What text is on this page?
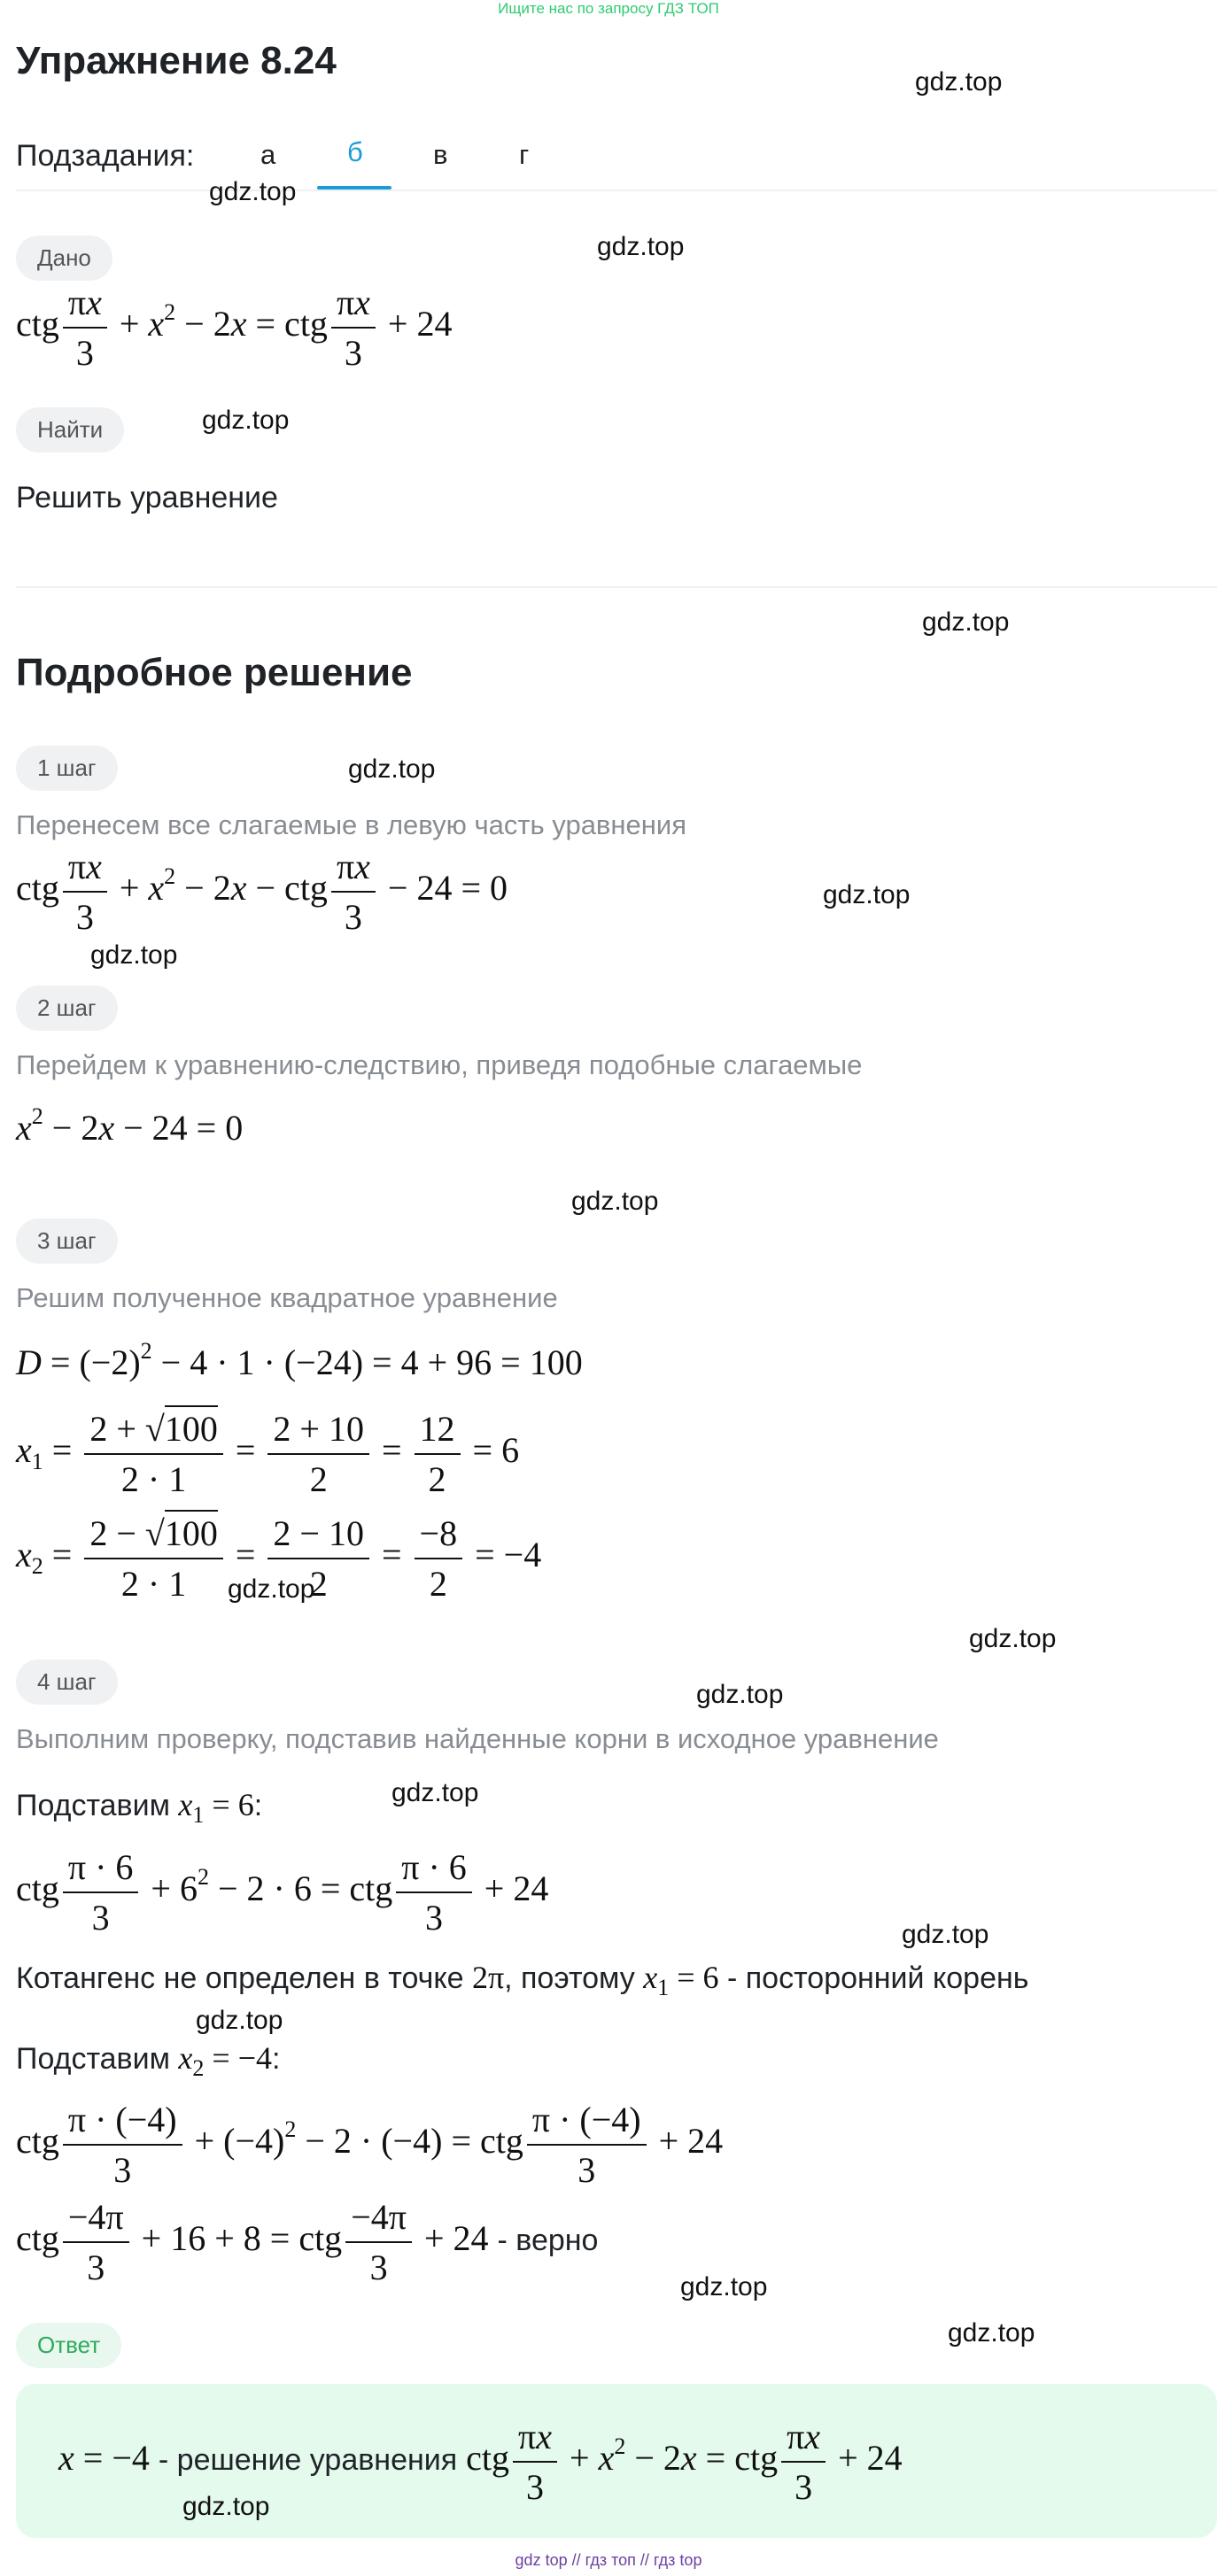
Ищите нас по запросу ГДЗ ТОП
Упражнение 8.24
Подзадания: а	б	в	г
Дано
ctg $\frac{\pi x}{3} + x^2 - 2x$ = ctg $\frac{\pi x}{3} + 24$
Найти
Решить уравнение
Подробное решение
1 шаг
Перенесем все слагаемые в левую часть уравнения
ctg $\frac{\pi x}{3} + x^2 - 2x$ − ctg $\frac{\pi x}{3} - 24 = 0$
2 шаг
Перейдем к уравнению-следствию, приведя подобные слагаемые
$x^2 - 2x - 24 = 0$
3 шаг
Решим полученное квадратное уравнение
$D = (-2)^2 - 4 \cdot 1 \cdot (-24) = 4 + 96 = 100$
$x_1 = \frac{2 + √100}{2 \cdot 1} = \frac{2 + 10}{2} = \frac{12}{2} = 6$
$x_2 = \frac{2 - √100}{2 \cdot 1} = \frac{2 - 10}{2} = \frac{-8}{2} = -4$
4 шаг
Выполним проверку, подставив найденные корни в исходное уравнение
Подставим $x_1 = 6$:
ctg $\frac{\pi \cdot 6}{3} + 6^2 - 2 \cdot 6$ = ctg $\frac{\pi \cdot 6}{3} + 24$
Котангенс не определен в точке 2π, поэтому $x_1 = 6$ - посторонний корень
Подставим $x_2 = -4$:
ctg $\frac{\pi \cdot (-4)}{3} + (-4)^2 - 2 \cdot (-4)$ = ctg $\frac{\pi \cdot (-4)}{3} + 24$
ctg $\frac{-4\pi}{3} + 16 + 8$ = ctg $\frac{-4\pi}{3} + 24$ - верно
Ответ
x = −4 - решение уравнения ctg $\frac{\pi x}{3} + x^2 - 2x$ = ctg $\frac{\pi x}{3} + 24$
gdz top // гдз топ // гдз top
gdz.top
gdz.top
gdz.top
gdz.top
gdz.top
gdz.top
gdz.top
gdz.top
gdz.top
gdz.top
gdz.top
gdz.top
gdz.top
gdz.top
gdz.top
gdz.top
gdz.top
gdz.top
